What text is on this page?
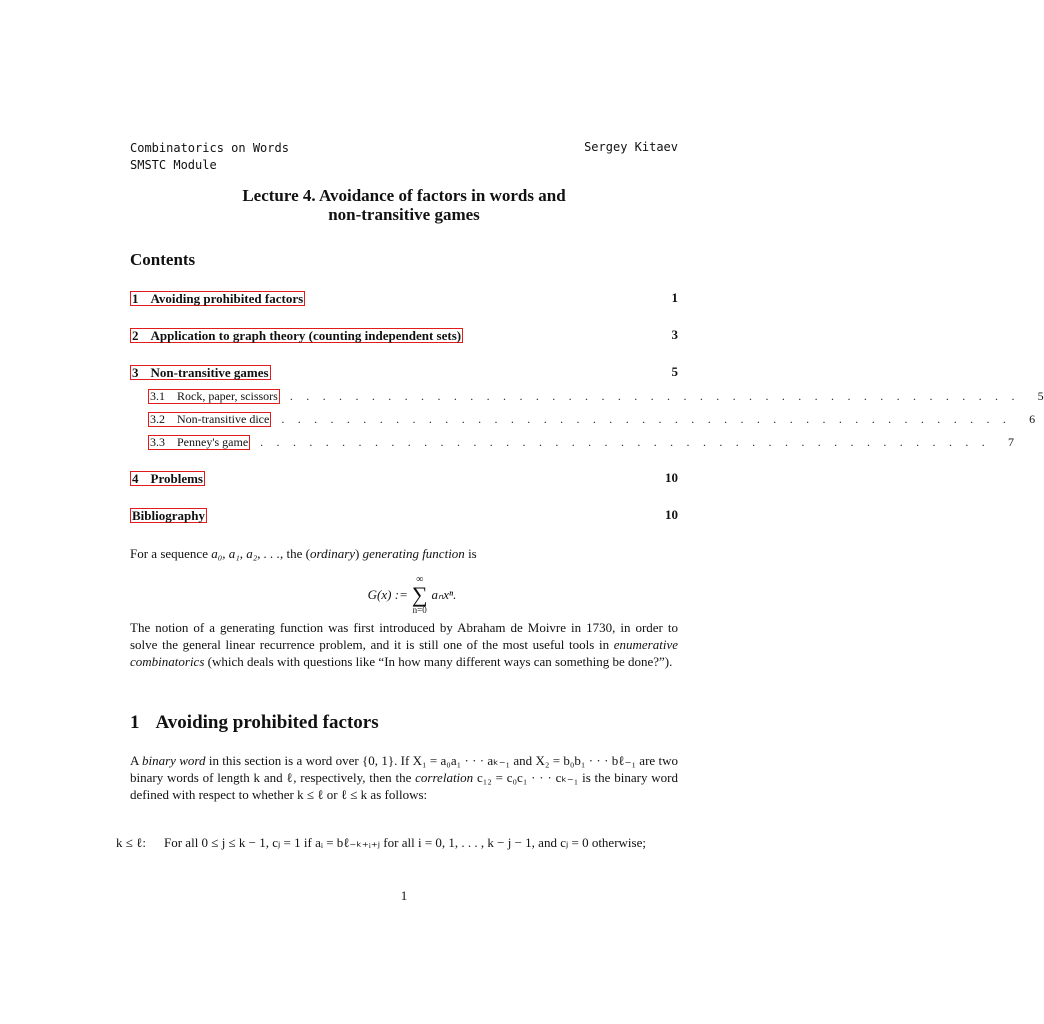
Combinatorics on Words
SMSTC Module
Sergey Kitaev
Lecture 4. Avoidance of factors in words and
non-transitive games
Contents
1 Avoiding prohibited factors	1
2 Application to graph theory (counting independent sets)	3
3 Non-transitive games	5
3.1 Rock, paper, scissors . . . . . . . . . . . . . . . . . . . . . . . . . . . . . . . . . . . . . . . . . . . . .	5
3.2 Non-transitive dice . . . . . . . . . . . . . . . . . . . . . . . . . . . . . . . . . . . . . . . . . . . . .	6
3.3 Penney's game . . . . . . . . . . . . . . . . . . . . . . . . . . . . . . . . . . . . . . . . . . . . .	7
4 Problems	10
Bibliography	10
For a sequence a₀, a₁, a₂, . . ., the (ordinary) generating function is
G(x) :=
∞
∑
n=0
aₙxⁿ.
The notion of a generating function was first introduced by Abraham de Moivre in 1730, in order to solve the general linear recurrence problem, and it is still one of the most useful tools in enumerative combinatorics (which deals with questions like “In how many different ways can something be done?”).
1 Avoiding prohibited factors
A binary word in this section is a word over {0, 1}. If X₁ = a₀a₁ · · · aₖ₋₁ and X₂ = b₀b₁ · · · bℓ₋₁ are two binary words of length k and ℓ, respectively, then the correlation c₁₂ = c₀c₁ · · · cₖ₋₁ is the binary word defined with respect to whether k ≤ ℓ or ℓ ≤ k as follows:
k ≤ ℓ: For all 0 ≤ j ≤ k − 1, cⱼ = 1 if aᵢ = bℓ₋ₖ₊ᵢ₊ⱼ for all i = 0, 1, . . . , k − j − 1, and cⱼ = 0 otherwise;
1
